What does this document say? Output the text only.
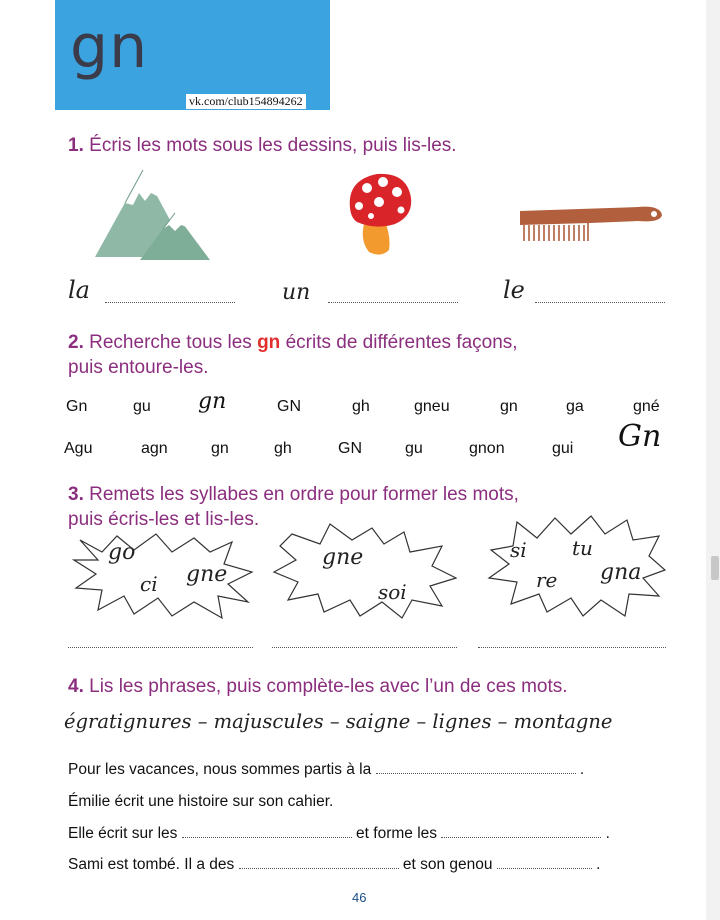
gn
vk.com/club154894262
1. Écris les mots sous les dessins, puis lis-les.
la	un	le
2. Recherche tous les gn écrits de différentes façons,
puis entoure-les.
Gn	gu gn	GN	gh	gneu	gn	ga	gné
Agu	agn	gn	gh	GN	gu	gnon	gui Gn
3. Remets les syllabes en ordre pour former les mots,
puis écris-les et lis-les.
go
ci gne
gne
soi
si tu
re gna
4. Lis les phrases, puis complète-les avec l’un de ces mots.
égratignures – majuscules – saigne – lignes – montagne
Pour les vacances, nous sommes partis à la	.
Émilie écrit une histoire sur son cahier.
Elle écrit sur les	et forme les	.
Sami est tombé. Il a des	et son genou	.
46
